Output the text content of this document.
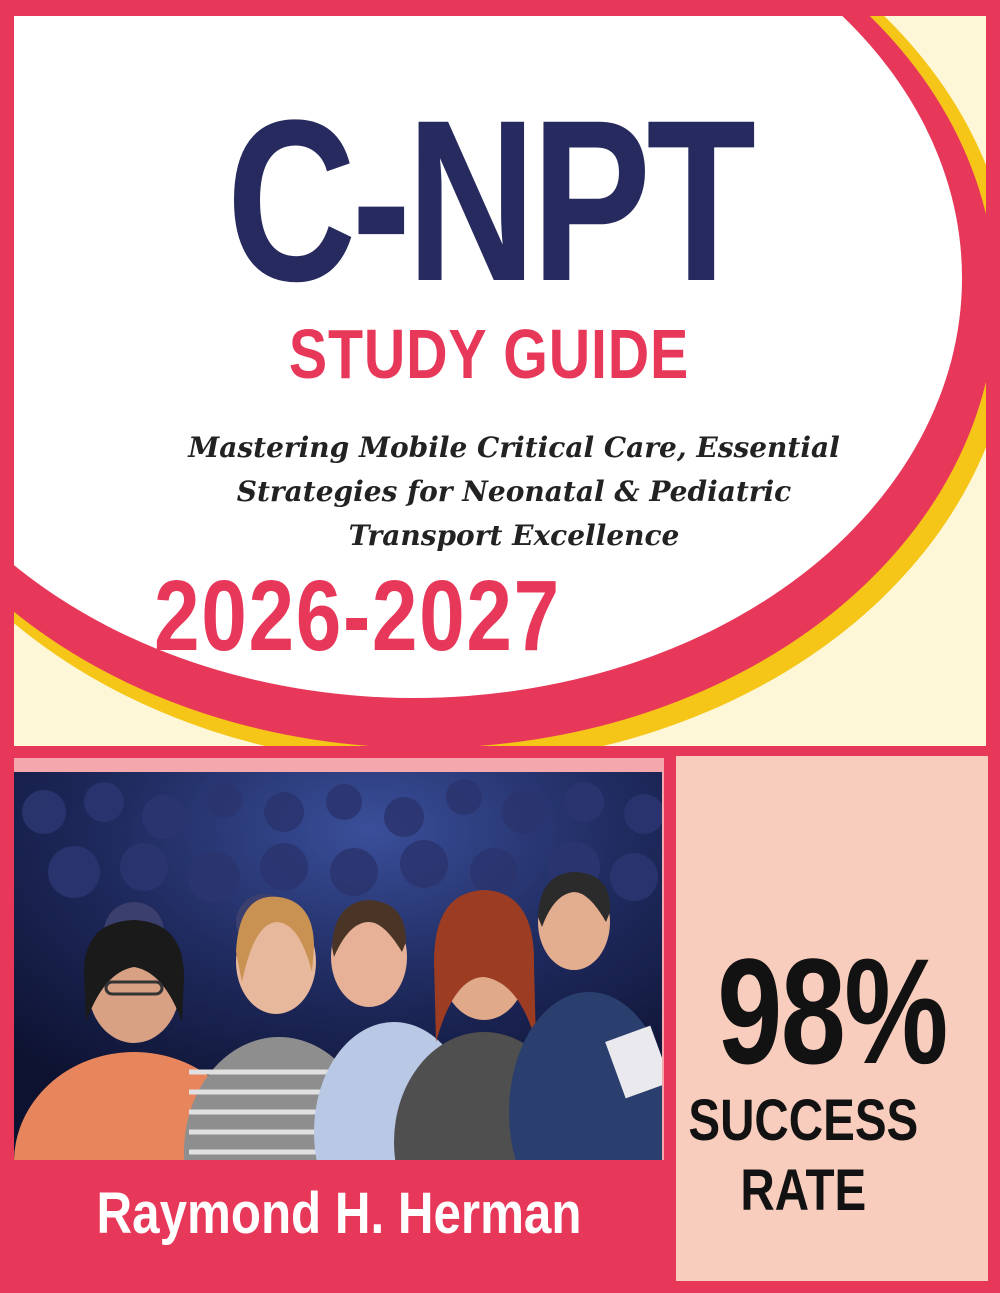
C-NPT
STUDY GUIDE
Mastering Mobile Critical Care, Essential
Strategies for Neonatal & Pediatric
Transport Excellence
2026-2027

Raymond H. Herman

98%

SUCCESS

RATE
